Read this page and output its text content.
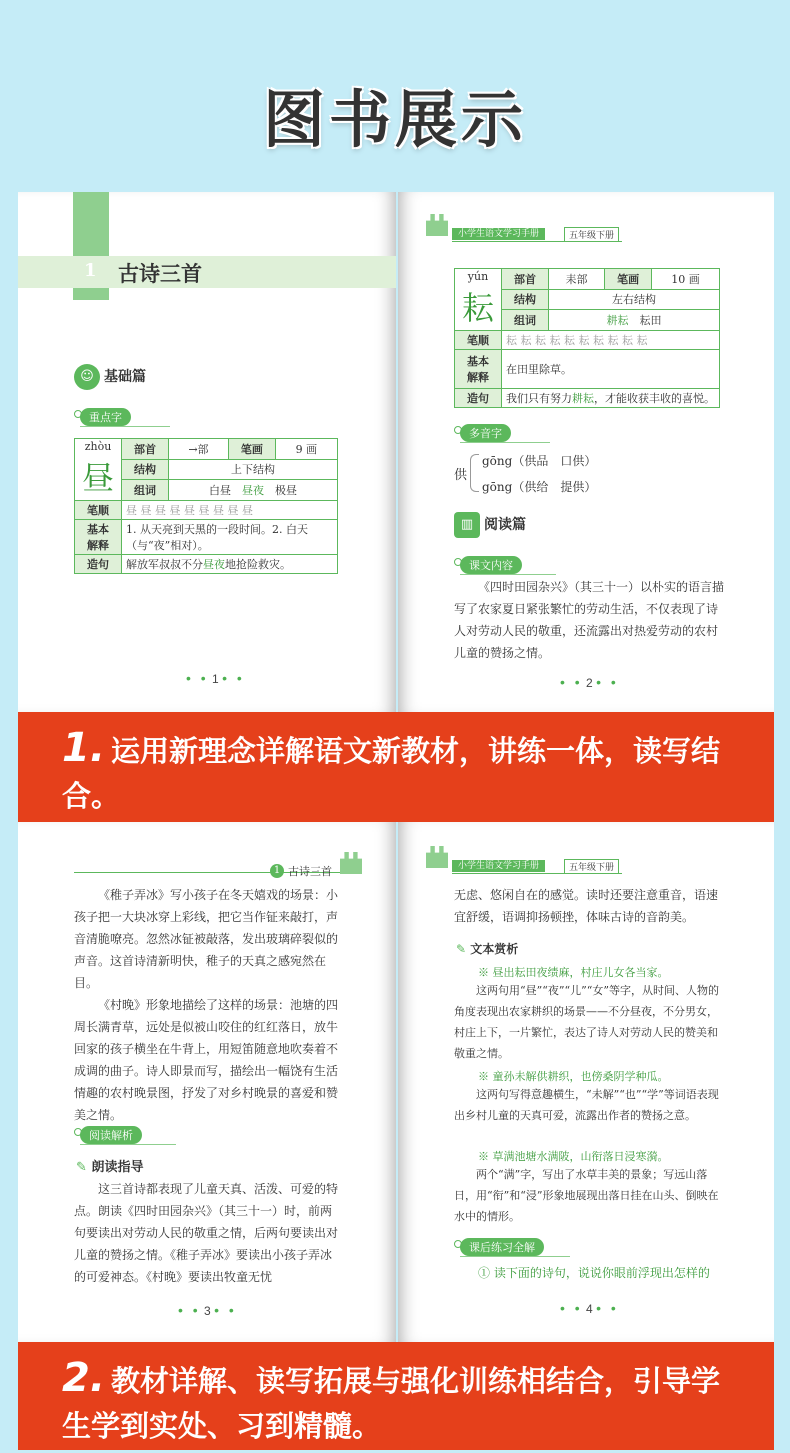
图书展示
1 古诗三首
☺ 基础篇
重点字
zhòu
昼	部首	→部	笔画	9 画
	结构	上下结构		
	组词	白昼　 昼夜　 极昼		
笔顺	昼 昼 昼 昼 昼 昼 昼 昼 昼			
基本
解释	1. 从天亮到天黑的一段时间。2. 白天（与“夜”相对）。			
造句	解放军叔叔不分昼夜地抢险救灾。			
• • 1 • •
小学生语文学习手册	五年级下册
yún
耘	部首	耒部	笔画	10 画
	结构	左右结构		
	组词	耕耘　 耘田		
笔顺	耘 耘 耘 耘 耘 耘 耘 耘 耘 耘			
基本
解释	在田里除草。			
造句	我们只有努力耕耘，才能收获丰收的喜悦。			
多音字
供
gōng（供品　口供）
gōng（供给　提供）
▥ 阅读篇
课文内容

《四时田园杂兴》（其三十一）以朴实的语言描写了农家夏日紧张繁忙的劳动生活，不仅表现了诗人对劳动人民的敬重，还流露出对热爱劳动的农村儿童的赞扬之情。

• • 2 • •
1. 运用新理念详解语文新教材，讲练一体，读写结合。
1 古诗三首

《稚子弄冰》写小孩子在冬天嬉戏的场景：小孩子把一大块冰穿上彩线，把它当作钲来敲打，声音清脆嘹亮。忽然冰钲被敲落，发出玻璃碎裂似的声音。这首诗清新明快，稚子的天真之感宛然在目。

《村晚》形象地描绘了这样的场景：池塘的四周长满青草，远处是似被山咬住的红红落日，放牛回家的孩子横坐在牛背上，用短笛随意地吹奏着不成调的曲子。诗人即景而写，描绘出一幅饶有生活情趣的农村晚景图，抒发了对乡村晚景的喜爱和赞美之情。

阅读解析
✎ 朗读指导

这三首诗都表现了儿童天真、活泼、可爱的特点。朗读《四时田园杂兴》（其三十一）时，前两句要读出对劳动人民的敬重之情，后两句要读出对儿童的赞扬之情。《稚子弄冰》要读出小孩子弄冰的可爱神态。《村晚》要读出牧童无忧

• • 3 • •
小学生语文学习手册	五年级下册

无虑、悠闲自在的感觉。读时还要注意重音，语速宜舒缓，语调抑扬顿挫，体味古诗的音韵美。

✎ 文本赏析
※ 昼出耘田夜绩麻，村庄儿女各当家。

这两句用“昼”“夜”“儿”“女”等字，从时间、人物的角度表现出农家耕织的场景——不分昼夜，不分男女，村庄上下，一片繁忙，表达了诗人对劳动人民的赞美和敬重之情。

※ 童孙未解供耕织，也傍桑阴学种瓜。

这两句写得意趣横生，“未解”“也”“学”等词语表现出乡村儿童的天真可爱，流露出作者的赞扬之意。

※ 草满池塘水满陂，山衔落日浸寒漪。

两个“满”字，写出了水草丰美的景象；写远山落日，用“衔”和“浸”形象地展现出落日挂在山头、倒映在水中的情形。

课后练习全解
① 读下面的诗句，说说你眼前浮现出怎样的
• • 4 • •
2. 教材详解、读写拓展与强化训练相结合，引导学生学到实处、习到精髓。
